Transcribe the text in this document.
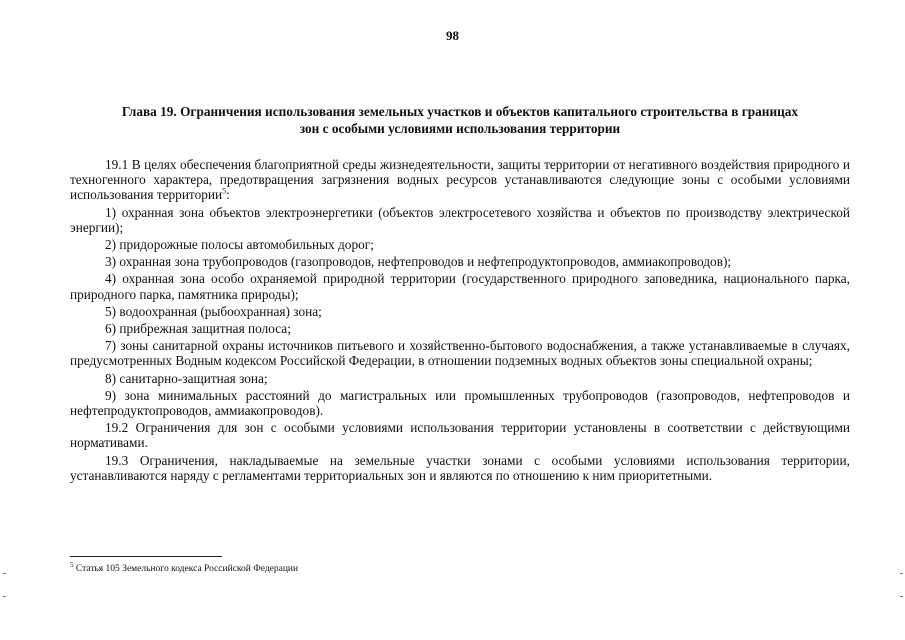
98
Глава 19. Ограничения использования земельных участков и объектов капитального строительства в границах
зон с особыми условиями использования территории

19.1 В целях обеспечения благоприятной среды жизнедеятельности, защиты территории от негативного воздействия природного и техногенного характера, предотвращения загрязнения водных ресурсов устанавливаются следующие зоны с особыми условиями использования территории$^5$:

1) охранная зона объектов электроэнергетики (объектов электросетевого хозяйства и объектов по производству электрической энергии);

2) придорожные полосы автомобильных дорог;

3) охранная зона трубопроводов (газопроводов, нефтепроводов и нефтепродуктопроводов, аммиакопроводов);

4) охранная зона особо охраняемой природной территории (государственного природного заповедника, национального парка, природного парка, памятника природы);

5) водоохранная (рыбоохранная) зона;

6) прибрежная защитная полоса;

7) зоны санитарной охраны источников питьевого и хозяйственно-бытового водоснабжения, а также устанавливаемые в случаях, предусмотренных Водным кодексом Российской Федерации, в отношении подземных водных объектов зоны специальной охраны;

8) санитарно-защитная зона;

9) зона минимальных расстояний до магистральных или промышленных трубопроводов (газопроводов, нефтепроводов и нефтепродуктопроводов, аммиакопроводов).

19.2 Ограничения для зон с особыми условиями использования территории установлены в соответствии с действующими нормативами.

19.3 Ограничения, накладываемые на земельные участки зонами с особыми условиями использования территории, устанавливаются наряду с регламентами территориальных зон и являются по отношению к ним приоритетными.

$^5$ Статья 105 Земельного кодекса Российской Федерации
